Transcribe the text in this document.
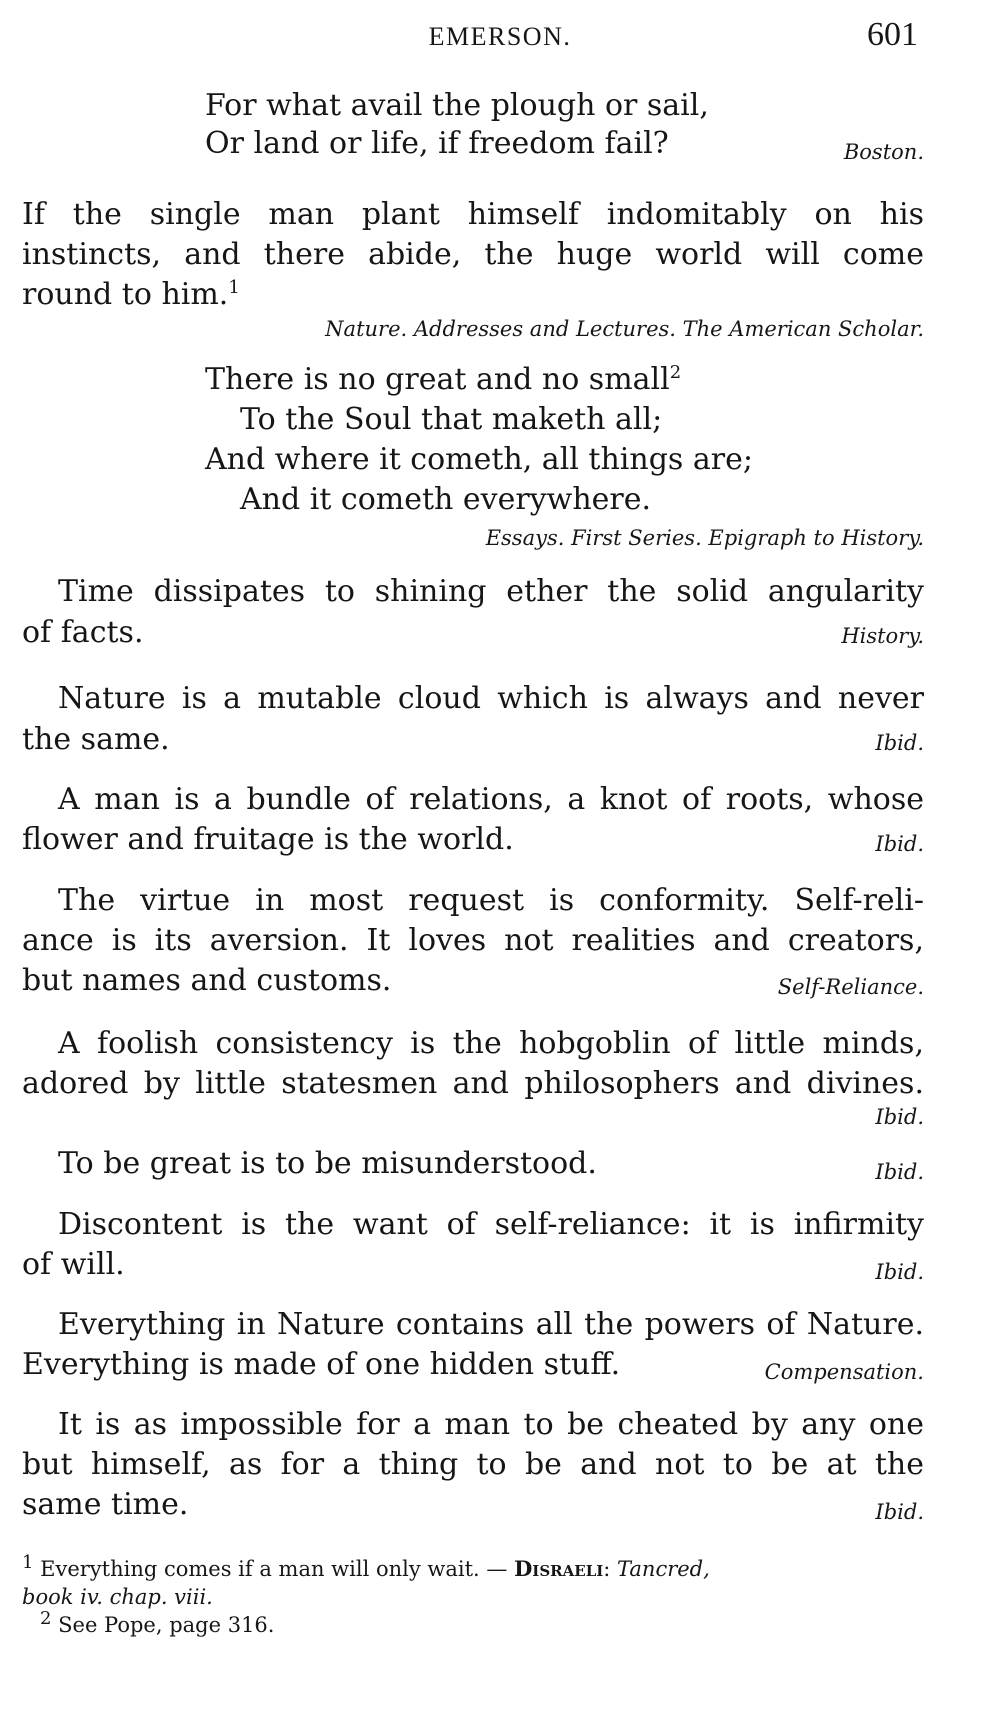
EMERSON.	601
For what avail the plough or sail,
Or land or life, if freedom fail?	Boston.
If the single man plant himself indomitably on his
instincts, and there abide, the huge world will come
round to him.$^1$
Nature. Addresses and Lectures. The American Scholar.
There is no great and no small$^2$
To the Soul that maketh all;
And where it cometh, all things are;
And it cometh everywhere.
Essays. First Series. Epigraph to History.
Time dissipates to shining ether the solid angularity
of facts.	History.
Nature is a mutable cloud which is always and never
the same.	Ibid.
A man is a bundle of relations, a knot of roots, whose
flower and fruitage is the world.	Ibid.
The virtue in most request is conformity. Self-reli-
ance is its aversion. It loves not realities and creators,
but names and customs.	Self-Reliance.
A foolish consistency is the hobgoblin of little minds,
adored by little statesmen and philosophers and divines.
Ibid.
To be great is to be misunderstood.	Ibid.
Discontent is the want of self-reliance: it is infirmity
of will.	Ibid.
Everything in Nature contains all the powers of Nature.
Everything is made of one hidden stuff.	Compensation.
It is as impossible for a man to be cheated by any one
but himself, as for a thing to be and not to be at the
same time.	Ibid.
$^1$ Everything comes if a man will only wait. — Disraeli: Tancred,
book iv. chap. viii.
$^2$ See Pope, page 316.
